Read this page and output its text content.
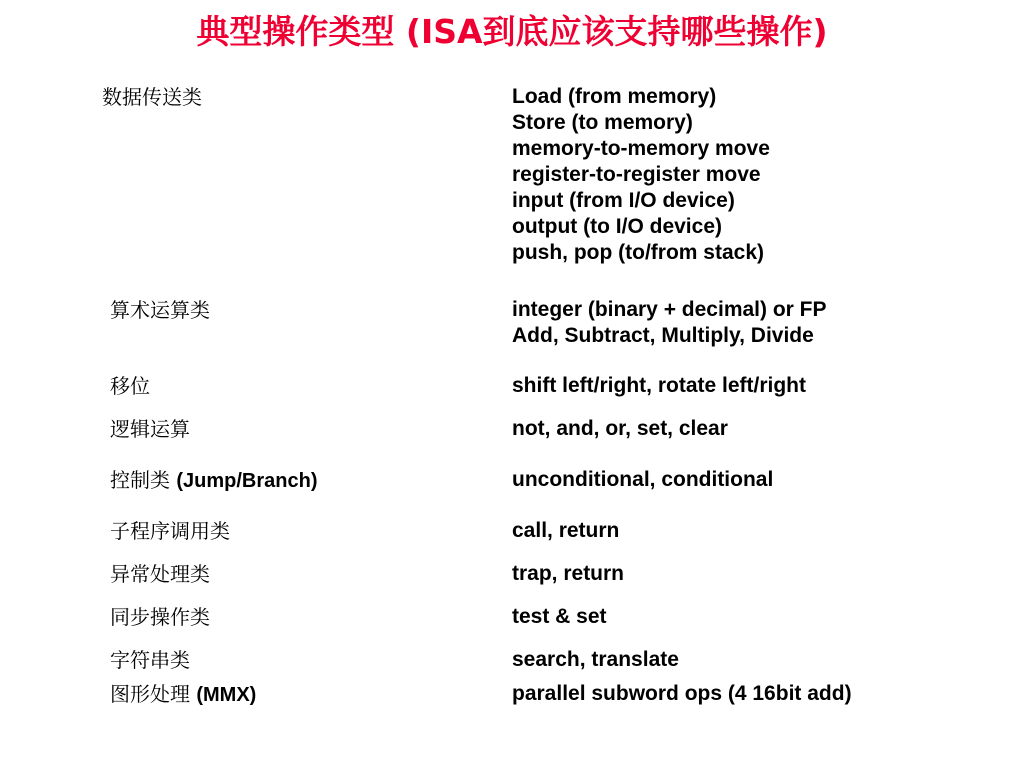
典型操作类型 (ISA到底应该支持哪些操作)
数据传送类	Load (from memory)
Store (to memory)
memory-to-memory move
register-to-register move
input (from I/O device)
output (to I/O device)
push, pop (to/from stack)
算术运算类	integer (binary + decimal) or FP
Add, Subtract, Multiply, Divide
移位	shift left/right, rotate left/right
逻辑运算	not, and, or, set, clear
控制类 (Jump/Branch)	unconditional, conditional
子程序调用类	call, return
异常处理类	trap, return
同步操作类	test & set
字符串类	search, translate
图形处理 (MMX)	parallel subword ops (4 16bit add)
